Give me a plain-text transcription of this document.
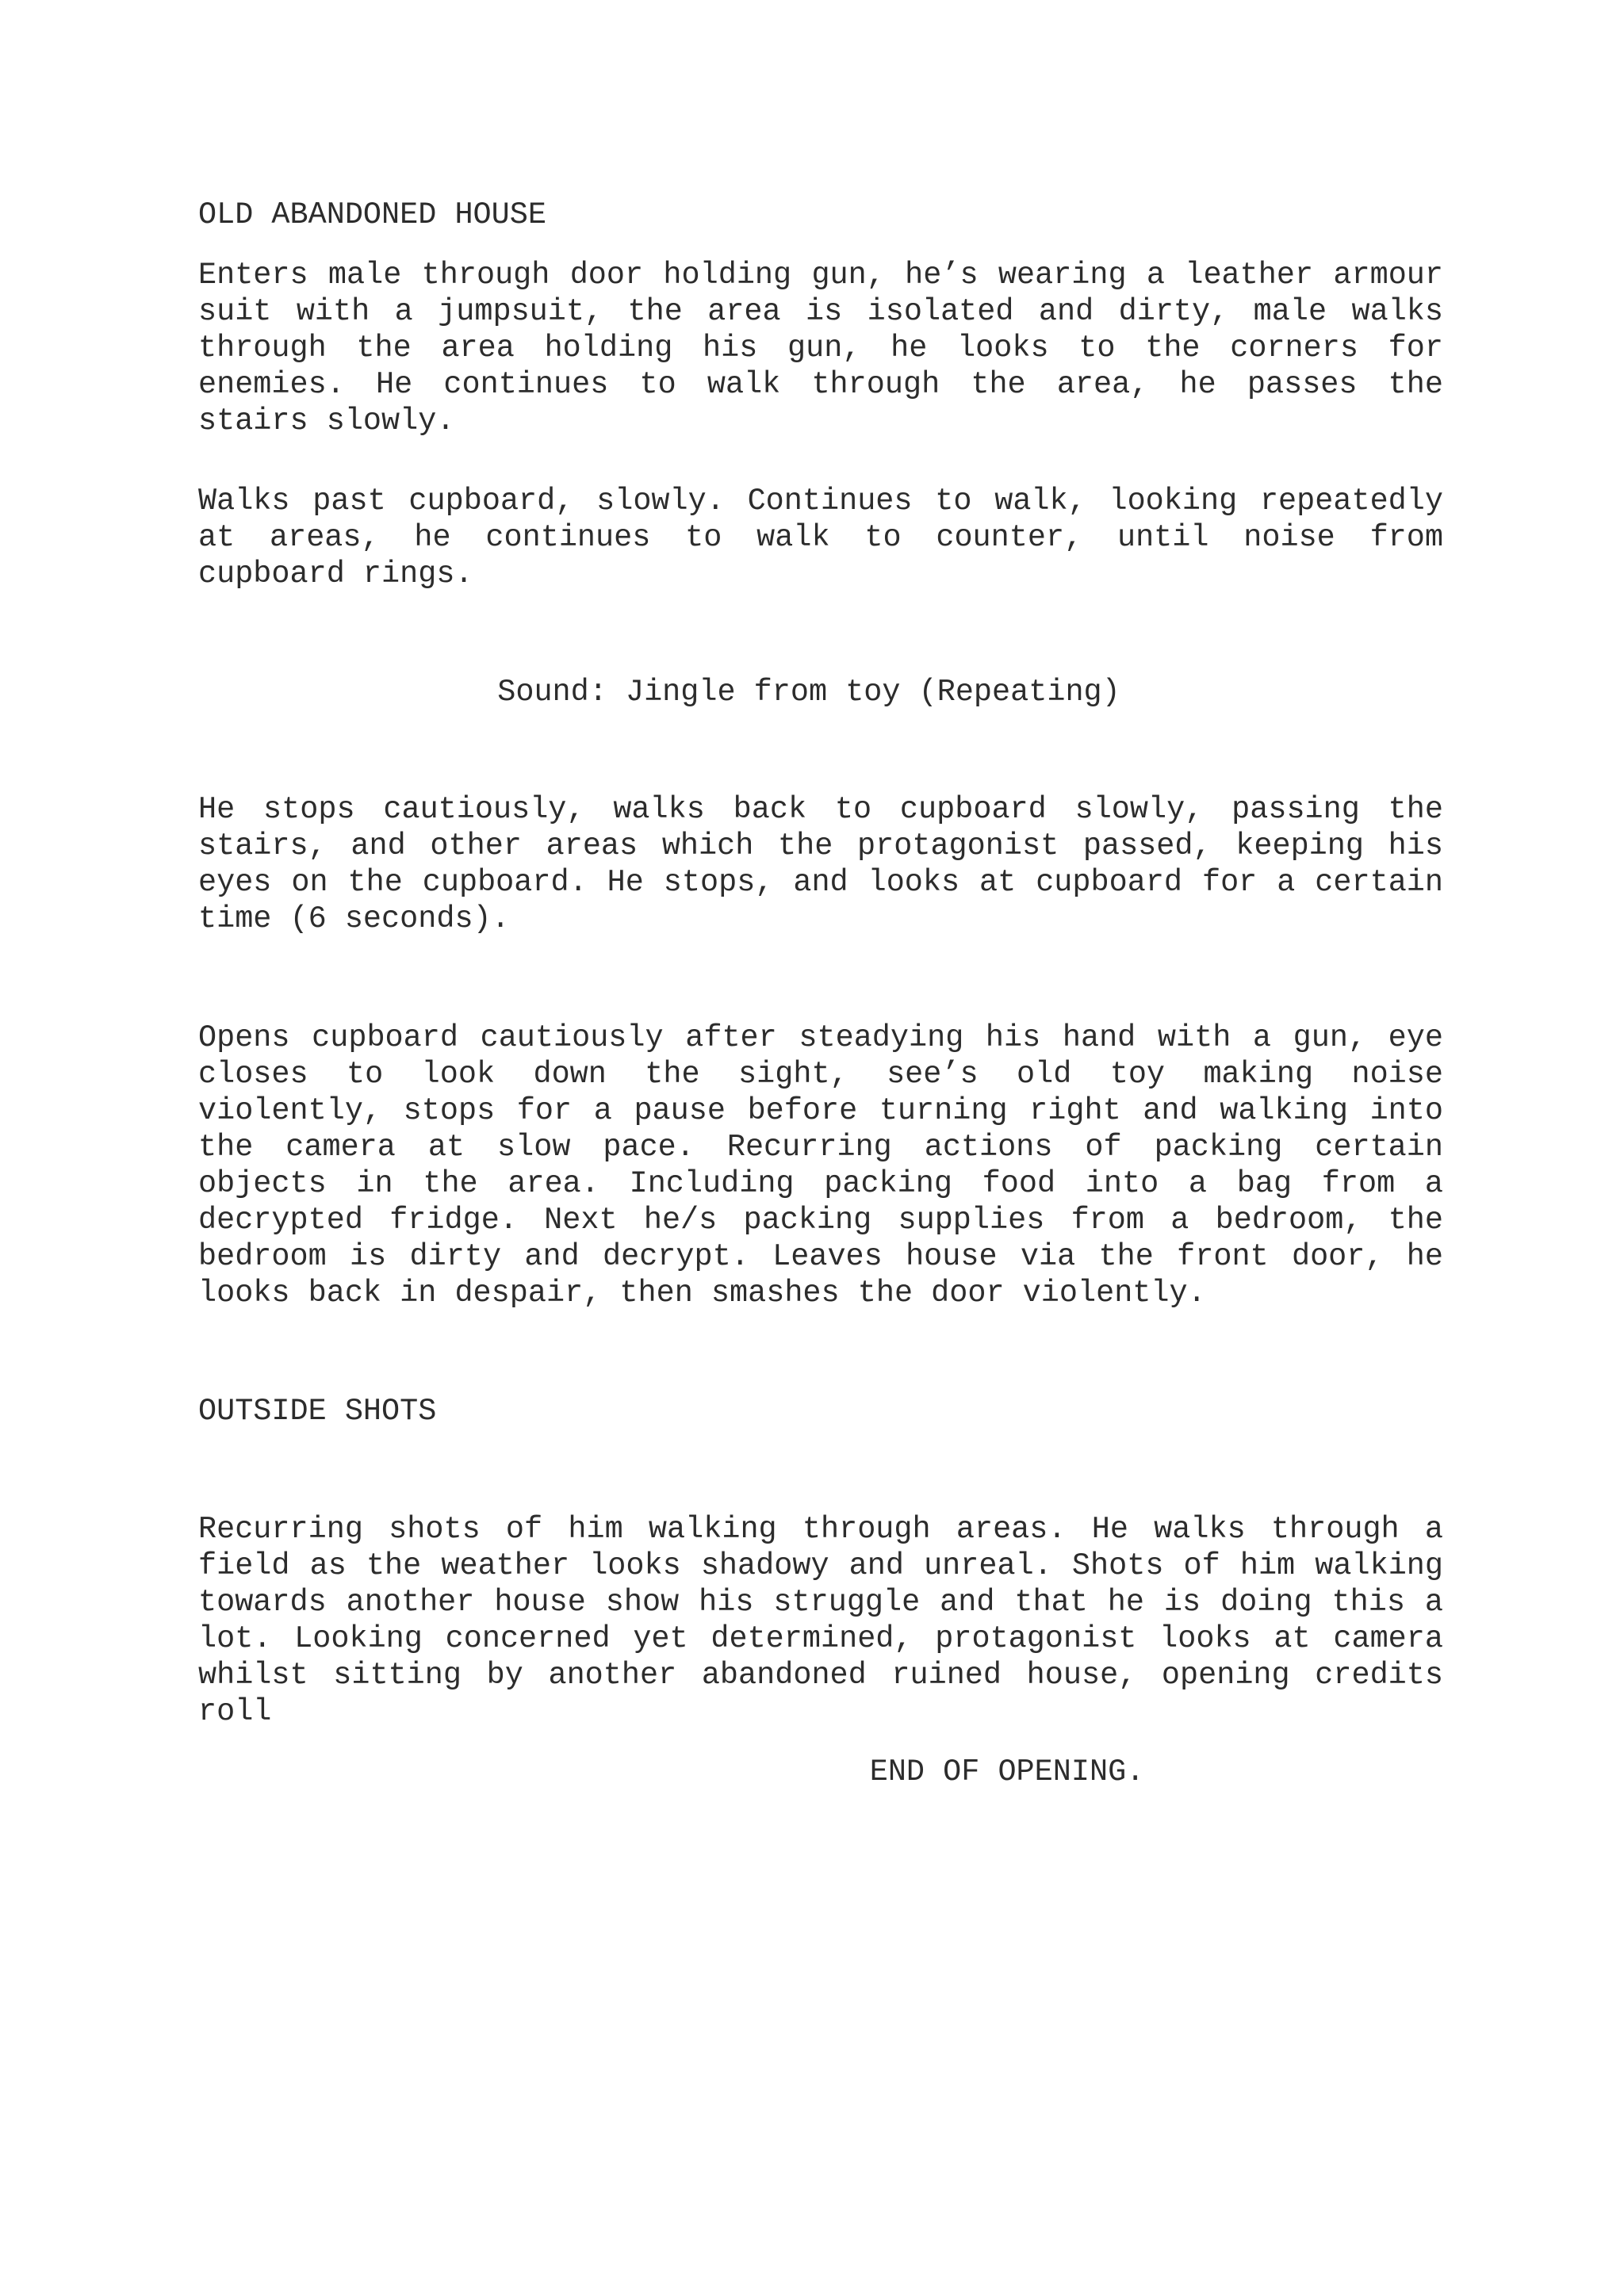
OLD ABANDONED HOUSE

Enters male through door holding gun, he’s wearing a leather armour suit with a jumpsuit, the area is isolated and dirty, male walks through the area holding his gun, he looks to the corners for enemies. He continues to walk through the area, he passes the stairs slowly.

Walks past cupboard, slowly. Continues to walk, looking repeatedly at areas, he continues to walk to counter, until noise from cupboard rings.

Sound: Jingle from toy (Repeating)

He stops cautiously, walks back to cupboard slowly, passing the stairs, and other areas which the protagonist passed, keeping his eyes on the cupboard. He stops, and looks at cupboard for a certain time (6 seconds).

Opens cupboard cautiously after steadying his hand with a gun, eye closes to look down the sight, see’s old toy making noise violently, stops for a pause before turning right and walking into the camera at slow pace. Recurring actions of packing certain objects in the area. Including packing food into a bag from a decrypted fridge. Next he/s packing supplies from a bedroom, the bedroom is dirty and decrypt. Leaves house via the front door, he looks back in despair, then smashes the door violently.

OUTSIDE SHOTS

Recurring shots of him walking through areas. He walks through a field as the weather looks shadowy and unreal. Shots of him walking towards another house show his struggle and that he is doing this a lot. Looking concerned yet determined, protagonist looks at camera whilst sitting by another abandoned ruined house, opening credits roll

END OF OPENING.
